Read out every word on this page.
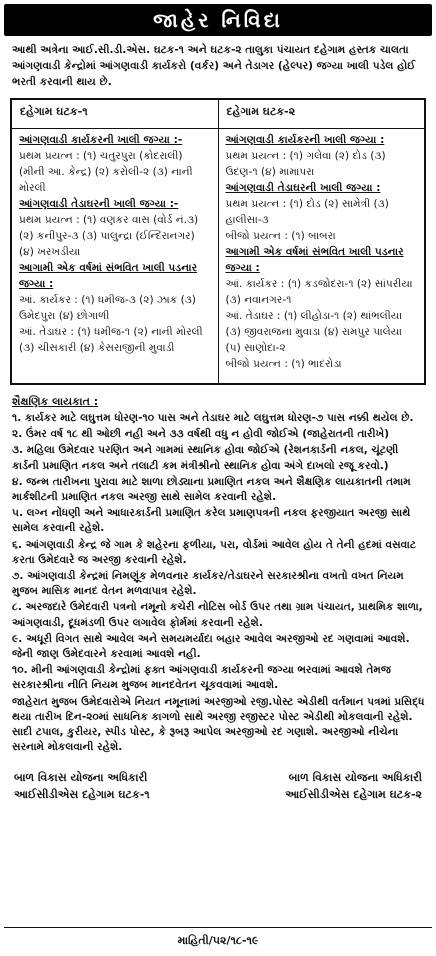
જાહેર નિવિદા
આથી અત્રેના આઈ.સી.ડી.એસ. ઘટક-૧ અને ઘટક-૨ તાલુકા પંચાયત દહેગામ હસ્તક ચાલતા આંગણવાડી કેન્દ્રોમાં આંગણવાડી કાર્યકરો (વર્કર) અને તેડાગર (હેલ્પર) જગ્યા ખાલી પડેલ હોઈ ભરતી કરવાની થાય છે.
દહેગામ ઘટક-૧
આંગણવાડી કાર્યકરની ખાલી જગ્યા :-
પ્રથમ પ્રયત્ન : (૧) ચતુરપુરા (કોદરાલી) (મીની આ. કેન્દ્ર) (૨) કરોલી-૨ (૩) નાની મોરલી
આંગણવાડી તેડાઘરની ખાલી જગ્યા :-
પ્રથમ પ્રયત્ન : (૧) વણકર વાસ (વોર્ડ નં.૩) (૨) કનીપુર-૩ (૩) પાલુન્દ્રા (ઈન્દિરાનગર) (૪) ખરખડીયા
આગામી એક વર્ષમાં સંભવિત ખાલી પડનાર જગ્યા :
આં. કાર્યકર : (૧) ધમીજ-૩ (૨) ઝાક (૩) ઉમેદપુરા (૪) છોગાળી
આં. તેડાઘર : (૧) ધમીજ-૧ (૨) નાની મોરલી (૩) ચીસકારી (૪) કેસરાજીની મુવાડી
દહેગામ ઘટક-૨
આંગણવાડી કાર્યકરની ખાલી જગ્યા :
પ્રથમ પ્રયત્ન : (૧) ગલેવા (૨) દોડ (૩) ઉદણ-૧ (૪) મામાપરા
આંગણવાડી તેડાઘરની ખાલી જગ્યા :
પ્રથમ પ્રયત્ન : (૧) દોડ (૨) સામેત્રી (૩) હાલીસા-૩
બીજો પ્રયત્ન : (૧) બાબરા
આગામી એક વર્ષમાં સંભવિત ખાલી પડનાર જગ્યા :
આં. કાર્યકર : (૧) કડજોદરા-૧ (૨) સાંપરીયા (૩) નવાનગર-૧
આં. તેડાઘર : (૧) લીહોડા-૧ (૨) થાંભલીયા (૩) જીવરાજના મુવાડા (૪) રામપુર પાલેયા (૫) સાણોદા-૨
બીજો પ્રયત્ન : (૧) ભાદરોડા
શૈક્ષણિક લાયકાત :

૧. કાર્યકર માટે લઘુત્તમ ધોરણ-૧૦ પાસ અને તેડાઘર માટે લઘુત્તમ ધોરણ-૭ પાસ નક્કી થયેલ છે.

૨. ઉંમર વર્ષ ૧૮ થી ઓછી નહી અને ૩૩ વર્ષથી વધુ ન હોવી જોઈએ (જાહેરાતની તારીખે)

૩. મહિલા ઉમેદવાર પરણિત અને ગામમાં સ્થાનિક હોવા જોઈએ (રેશનકાર્ડની નકલ, ચૂંટણી કાર્ડની પ્રમાણિત નકલ અને તલાટી કમ મંત્રીશ્રીનો સ્થાનિક હોવા અંગે દાખલો રજૂ કરવો.)

૪. જન્મ તારીખના પુરાવા માટે શાળા છોડ્યાના પ્રમાણિત નકલ અને શૈક્ષણિક લાયકાતની તમામ માર્કશીટની પ્રમાણિત નકલ અરજી સાથે સામેલ કરવાની રહેશે.

૫. લગ્ન નોંધણી અને આધારકાર્ડની પ્રમાણિત કરેલ પ્રમાણપત્રની નકલ ફરજીયાત અરજી સાથે સામેલ કરવાની રહેશે.

૬. આંગણવાડી કેન્દ્ર જે ગામ કે શહેરના ફળીયા, પરા, વોર્ડમાં આવેલ હોય તે તેની હદમાં વસવાટ કરતા ઉમેદવારે જ અરજી કરવાની રહેશે.

૭. આંગણવાડી કેન્દ્રમાં નિમણૂંક મેળવનાર કાર્યકર/તેડાઘરને સરકારશ્રીના વખતો વખત નિયમ મુજબ માસિક માનદ વેતન મળવાપાત્ર રહેશે.

૮. અરજદારે ઉમેદવારી પત્રનો નમૂનો કચેરી નોટિસ બોર્ડ ઉપર તથા ગ્રામ પંચાયત, પ્રાથમિક શાળા, આંગણવાડી, દૂધમંડળી ઉપર લગાવેલ ફોર્મમાં કરવાની રહેશે.

૯. અધૂરી વિગત સાથે આવેલ અને સમયમર્યાદા બહાર આવેલ અરજીઓ રદ ગણવામાં આવશે. જેની જાણ ઉમેદવારને કરવામાં આવશે નહી.

૧૦. મીની આંગણવાડી કેન્દ્રોમાં ફક્ત આંગણવાડી કાર્યકરની જગ્યા ભરવામાં આવશે તેમજ સરકારશ્રીના નીતિ નિયમ મુજબ માનદવેતન ચૂકવવામાં આવશે.

જાહેરાત મુજબ ઉમેદવારોએ નિયત નમૂનામાં અરજીઓ રજી.પોસ્ટ એડીથી વર્તમાન પત્રમાં પ્રસિદ્ધ થયા તારીખ દિન-૨૦માં સાધનિક કાગળો સાથે અરજી રજીસ્ટર પોસ્ટ એડીથી મોકલવાની રહેશે. સાદી ટપાલ, કુરીયર, સ્પીડ પોસ્ટ, કે રૂબરૂ આપેલ અરજીઓ રદ ગણાશે. અરજીઓ નીચેના સરનામે મોકલવાની રહેશે.

બાળ વિકાસ યોજના અધિકારી
આઈસીડીએસ દહેગામ ઘટક-૧
બાળ વિકાસ યોજના અધિકારી
આઈસીડીએસ દહેગામ ઘટક-૨
માહિતી/૫૨/૧૮-૧૯
